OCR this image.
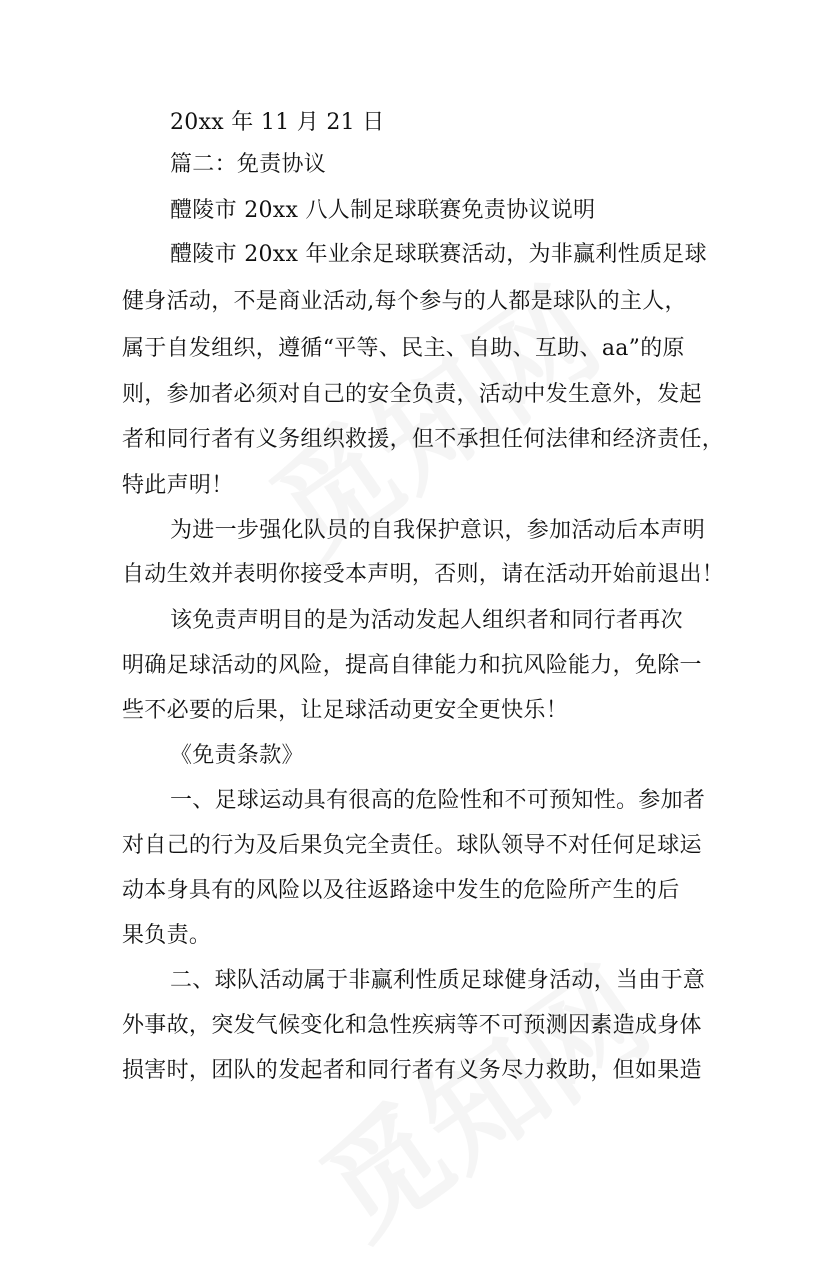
20xx 年 11 月 21 日
篇二：免责协议
醴陵市 20xx 八人制足球联赛免责协议说明
醴陵市 20xx 年业余足球联赛活动，为非赢利性质足球
健身活动，不是商业活动,每个参与的人都是球队的主人，
属于自发组织，遵循“平等、民主、自助、互助、aa”的原
则，参加者必须对自己的安全负责，活动中发生意外，发起
者和同行者有义务组织救援，但不承担任何法律和经济责任，
特此声明！
为进一步强化队员的自我保护意识，参加活动后本声明
自动生效并表明你接受本声明，否则，请在活动开始前退出！
该免责声明目的是为活动发起人组织者和同行者再次
明确足球活动的风险，提高自律能力和抗风险能力，免除一
些不必要的后果，让足球活动更安全更快乐！
《免责条款》
一、足球运动具有很高的危险性和不可预知性。参加者
对自己的行为及后果负完全责任。球队领导不对任何足球运
动本身具有的风险以及往返路途中发生的危险所产生的后
果负责。
二、球队活动属于非赢利性质足球健身活动，当由于意
外事故，突发气候变化和急性疾病等不可预测因素造成身体
损害时，团队的发起者和同行者有义务尽力救助，但如果造
